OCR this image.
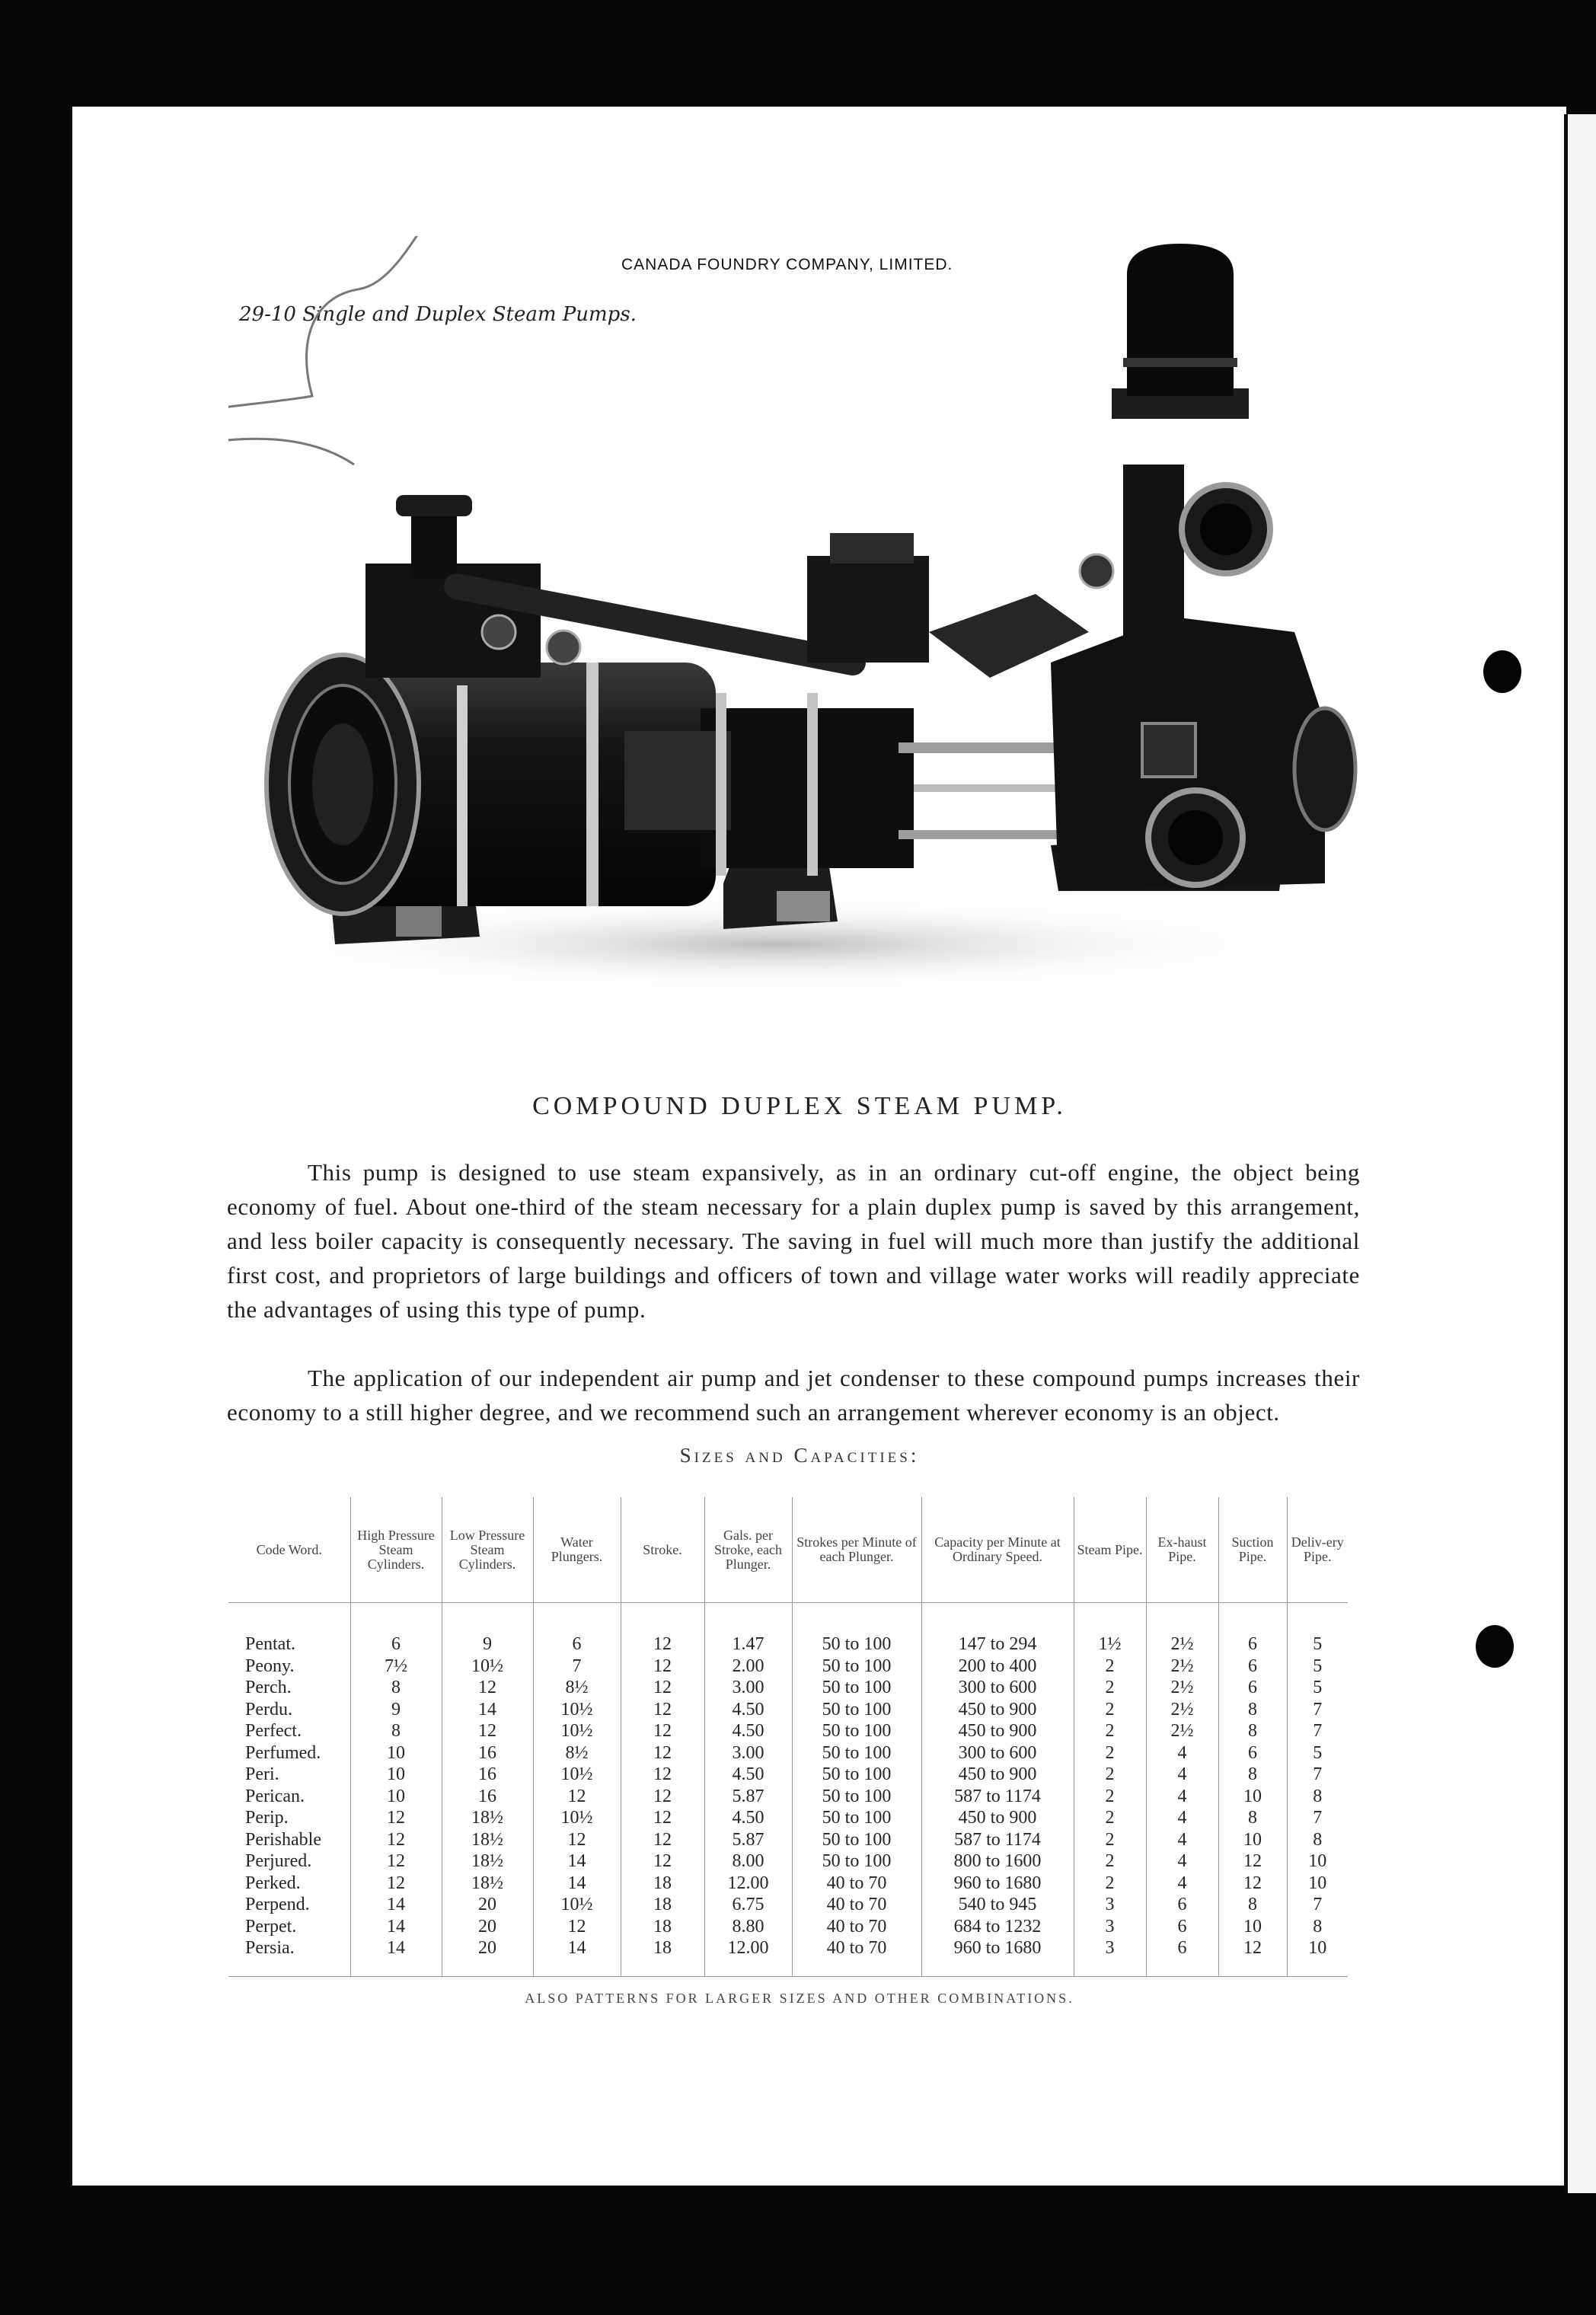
CANADA FOUNDRY COMPANY, LIMITED.
29-10 Single and Duplex Steam Pumps.
COMPOUND DUPLEX STEAM PUMP.

This pump is designed to use steam expansively, as in an ordinary cut-off engine, the object being economy of fuel. About one-third of the steam necessary for a plain duplex pump is saved by this arrangement, and less boiler capacity is consequently necessary. The saving in fuel will much more than justify the additional first cost, and proprietors of large buildings and officers of town and village water works will readily appreciate the advantages of using this type of pump.

The application of our independent air pump and jet condenser to these compound pumps increases their economy to a still higher degree, and we recommend such an arrangement wherever economy is an object.

Sizes and Capacities:
Code Word.	High Pressure Steam Cylinders.	Low Pressure Steam Cylinders.	Water Plungers.	Stroke.	Gals. per Stroke, each Plunger.	Strokes per Minute of each Plunger.	Capacity per Minute at Ordinary Speed.	Steam Pipe.	Ex-haust Pipe.	Suction Pipe.	Deliv-ery Pipe.
Pentat.	6	9	6	12	1.47	50 to 100	147 to 294	1½	2½	6	5
Peony.	7½	10½	7	12	2.00	50 to 100	200 to 400	2	2½	6	5
Perch.	8	12	8½	12	3.00	50 to 100	300 to 600	2	2½	6	5
Perdu.	9	14	10½	12	4.50	50 to 100	450 to 900	2	2½	8	7
Perfect.	8	12	10½	12	4.50	50 to 100	450 to 900	2	2½	8	7
Perfumed.	10	16	8½	12	3.00	50 to 100	300 to 600	2	4	6	5
Peri.	10	16	10½	12	4.50	50 to 100	450 to 900	2	4	8	7
Perican.	10	16	12	12	5.87	50 to 100	587 to 1174	2	4	10	8
Perip.	12	18½	10½	12	4.50	50 to 100	450 to 900	2	4	8	7
Perishable	12	18½	12	12	5.87	50 to 100	587 to 1174	2	4	10	8
Perjured.	12	18½	14	12	8.00	50 to 100	800 to 1600	2	4	12	10
Perked.	12	18½	14	18	12.00	40 to 70	960 to 1680	2	4	12	10
Perpend.	14	20	10½	18	6.75	40 to 70	540 to 945	3	6	8	7
Perpet.	14	20	12	18	8.80	40 to 70	684 to 1232	3	6	10	8
Persia.	14	20	14	18	12.00	40 to 70	960 to 1680	3	6	12	10
ALSO PATTERNS FOR LARGER SIZES AND OTHER COMBINATIONS.
